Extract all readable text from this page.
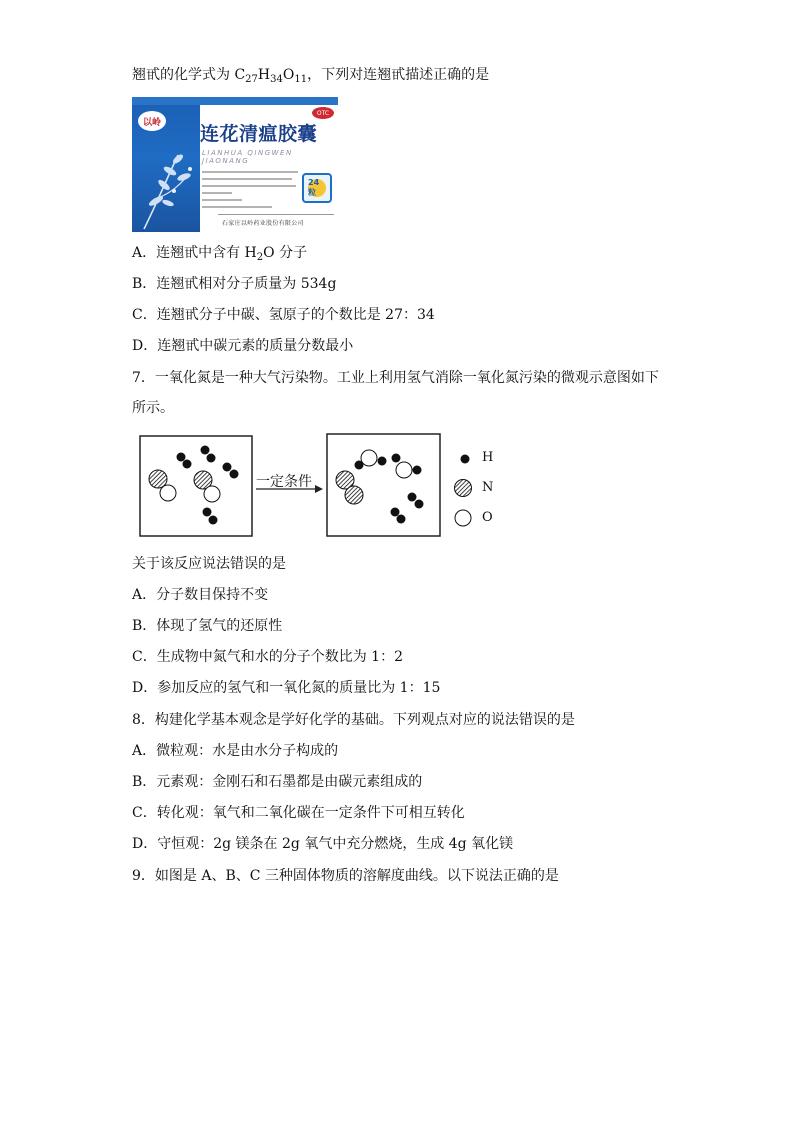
翘甙的化学式为 $C_{27}H_{34}O_{11}$，下列对连翘甙描述正确的是
以岭
连花清瘟胶囊
OTC
LIANHUA QINGWEN JIAONANG
24粒
石家庄以岭药业股份有限公司
A．连翘甙中含有 $H_2O$ 分子
B．连翘甙相对分子质量为 534g
C．连翘甙分子中碳、氢原子的个数比是 27：34
D．连翘甙中碳元素的质量分数最小
7．一氧化氮是一种大气污染物。工业上利用氢气消除一氧化氮污染的微观示意图如下
所示。
一定条件
H
N
O
关于该反应说法错误的是
A．分子数目保持不变
B．体现了氢气的还原性
C．生成物中氮气和水的分子个数比为 1：2
D．参加反应的氢气和一氧化氮的质量比为 1：15
8．构建化学基本观念是学好化学的基础。下列观点对应的说法错误的是
A．微粒观：水是由水分子构成的
B．元素观：金刚石和石墨都是由碳元素组成的
C．转化观：氧气和二氧化碳在一定条件下可相互转化
D．守恒观：2g 镁条在 2g 氧气中充分燃烧，生成 4g 氧化镁
9．如图是 A、B、C 三种固体物质的溶解度曲线。以下说法正确的是
